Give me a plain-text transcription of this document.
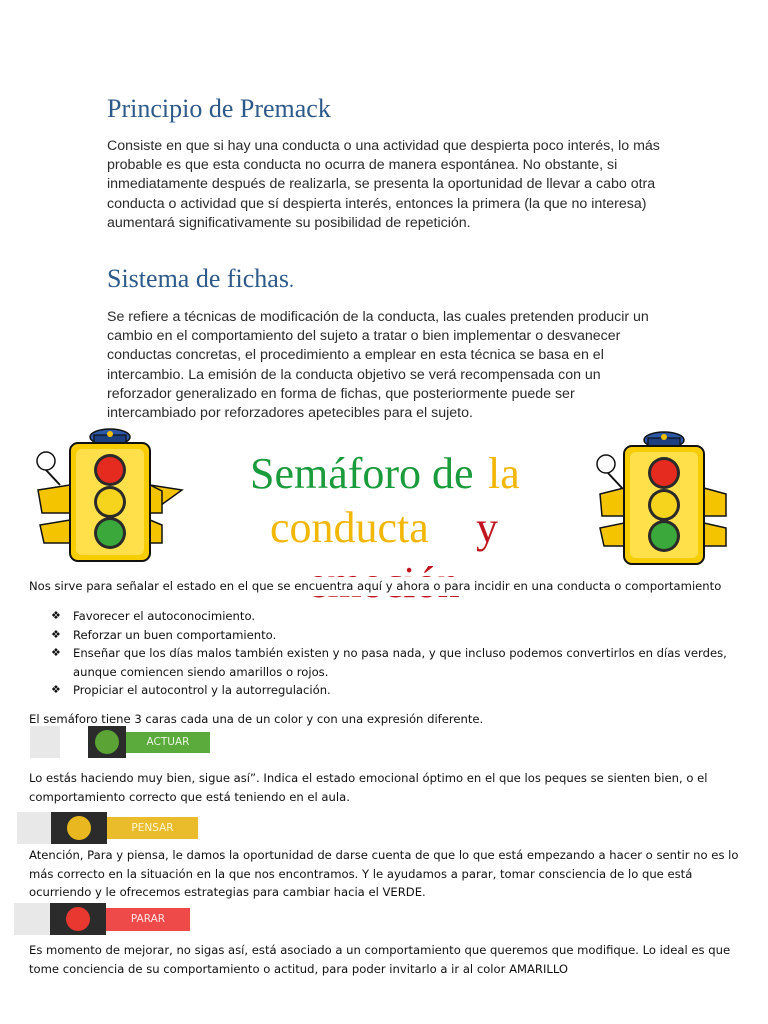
Principio de Premack

Consiste en que si hay una conducta o una actividad que despierta poco interés, lo más probable es que esta conducta no ocurra de manera espontánea. No obstante, si inmediatamente después de realizarla, se presenta la oportunidad de llevar a cabo otra conducta o actividad que sí despierta interés, entonces la primera (la que no interesa) aumentará significativamente su posibilidad de repetición.

Sistema de fichas.

Se refiere a técnicas de modificación de la conducta, las cuales pretenden producir un cambio en el comportamiento del sujeto a tratar o bien implementar o desvanecer conductas concretas, el procedimiento a emplear en esta técnica se basa en el intercambio. La emisión de la conducta objetivo se verá recompensada con un reforzador generalizado en forma de fichas, que posteriormente puede ser intercambiado por reforzadores apetecibles para el sujeto.

Semáforo de la
conducta y

Nos sirve para señalar el estado en el que se encuentra aquí y ahora o para incidir en una conducta o comportamiento

❖ Favorecer el autoconocimiento.
❖ Reforzar un buen comportamiento.
❖ Enseñar que los días malos también existen y no pasa nada, y que incluso podemos convertirlos en días verdes, aunque comiencen siendo amarillos o rojos.
❖ Propiciar el autocontrol y la autorregulación.

El semáforo tiene 3 caras cada una de un color y con una expresión diferente.

ACTUAR

Lo estás haciendo muy bien, sigue así”. Indica el estado emocional óptimo en el que los peques se sienten bien, o el comportamiento correcto que está teniendo en el aula.

PENSAR

Atención, Para y piensa, le damos la oportunidad de darse cuenta de que lo que está empezando a hacer o sentir no es lo más correcto en la situación en la que nos encontramos. Y le ayudamos a parar, tomar consciencia de lo que está ocurriendo y le ofrecemos estrategias para cambiar hacia el VERDE.

PARAR

Es momento de mejorar, no sigas así, está asociado a un comportamiento que queremos que modifique. Lo ideal es que tome conciencia de su comportamiento o actitud, para poder invitarlo a ir al color AMARILLO
